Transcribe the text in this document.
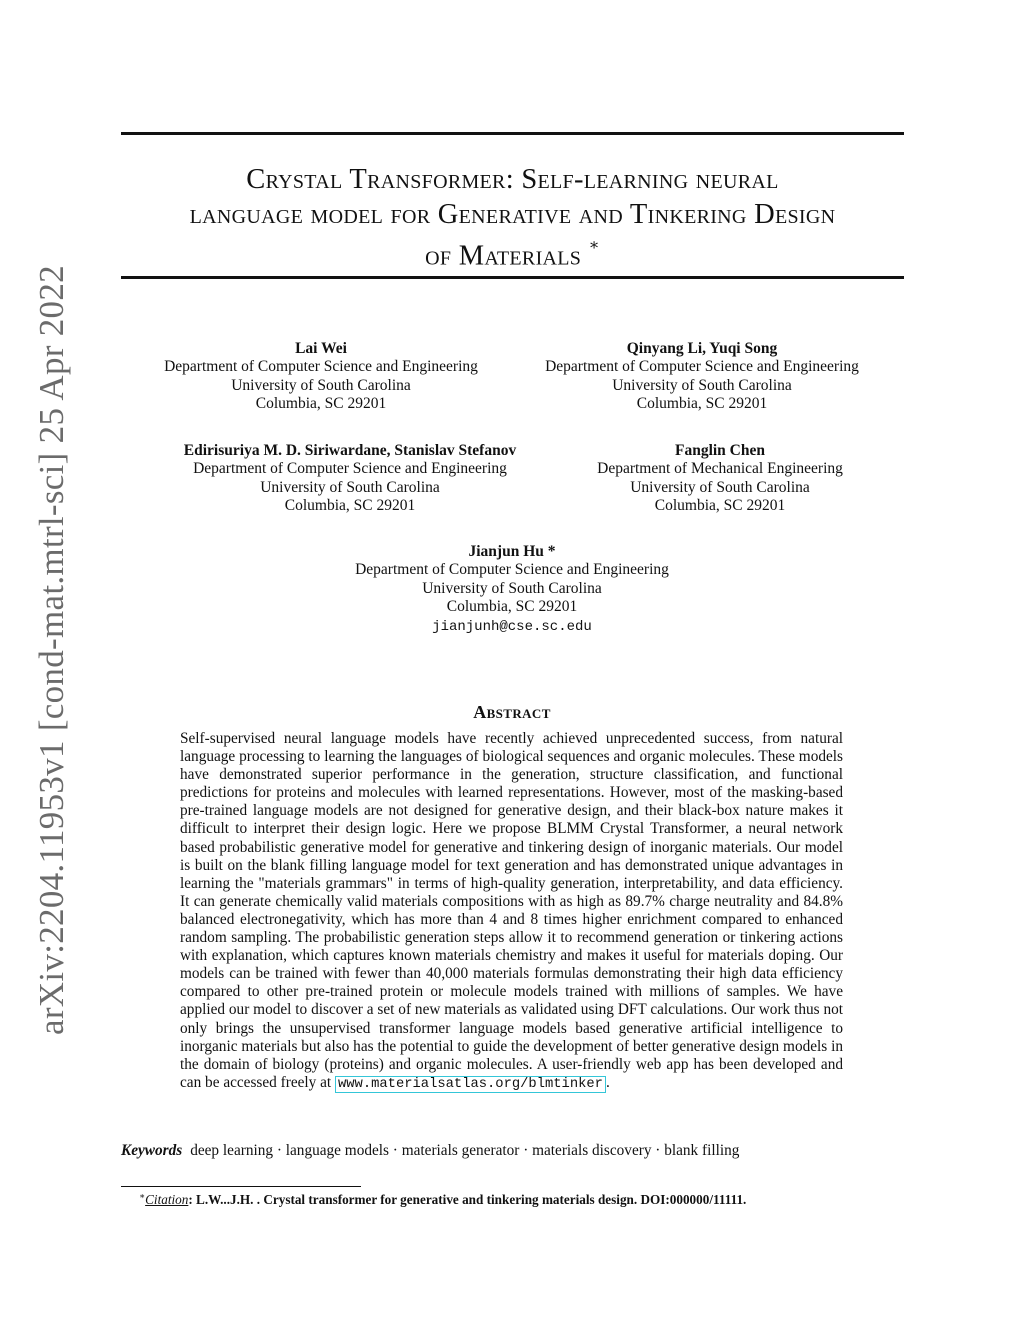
arXiv:2204.11953v1 [cond-mat.mtrl-sci] 25 Apr 2022
Crystal Transformer: Self-learning neural
language model for Generative and Tinkering Design
of Materials ∗
Lai Wei
Department of Computer Science and Engineering
University of South Carolina
Columbia, SC 29201
Qinyang Li, Yuqi Song
Department of Computer Science and Engineering
University of South Carolina
Columbia, SC 29201
Edirisuriya M. D. Siriwardane, Stanislav Stefanov
Department of Computer Science and Engineering
University of South Carolina
Columbia, SC 29201
Fanglin Chen
Department of Mechanical Engineering
University of South Carolina
Columbia, SC 29201
Jianjun Hu *
Department of Computer Science and Engineering
University of South Carolina
Columbia, SC 29201
jianjunh@cse.sc.edu
Abstract
Self-supervised neural language models have recently achieved unprecedented success, from natural language processing to learning the languages of biological sequences and organic molecules. These models have demonstrated superior performance in the generation, structure classification, and functional predictions for proteins and molecules with learned representations. However, most of the masking-based pre-trained language models are not designed for generative design, and their black-box nature makes it difficult to interpret their design logic. Here we propose BLMM Crystal Transformer, a neural network based probabilistic generative model for generative and tinkering design of inorganic materials. Our model is built on the blank filling language model for text generation and has demonstrated unique advantages in learning the "materials grammars" in terms of high-quality generation, interpretability, and data efficiency. It can generate chemically valid materials compositions with as high as 89.7% charge neutrality and 84.8% balanced electronegativity, which has more than 4 and 8 times higher enrichment compared to enhanced random sampling. The probabilistic generation steps allow it to recommend generation or tinkering actions with explanation, which captures known materials chemistry and makes it useful for materials doping. Our models can be trained with fewer than 40,000 materials formulas demonstrating their high data efficiency compared to other pre-trained protein or molecule models trained with millions of samples. We have applied our model to discover a set of new materials as validated using DFT calculations. Our work thus not only brings the unsupervised transformer language models based generative artificial intelligence to inorganic materials but also has the potential to guide the development of better generative design models in the domain of biology (proteins) and organic molecules. A user-friendly web app has been developed and can be accessed freely at www.materialsatlas.org/blmtinker .
Keywords deep learning · language models · materials generator · materials discovery · blank filling
∗Citation: L.W...J.H. . Crystal transformer for generative and tinkering materials design. DOI:000000/11111.
